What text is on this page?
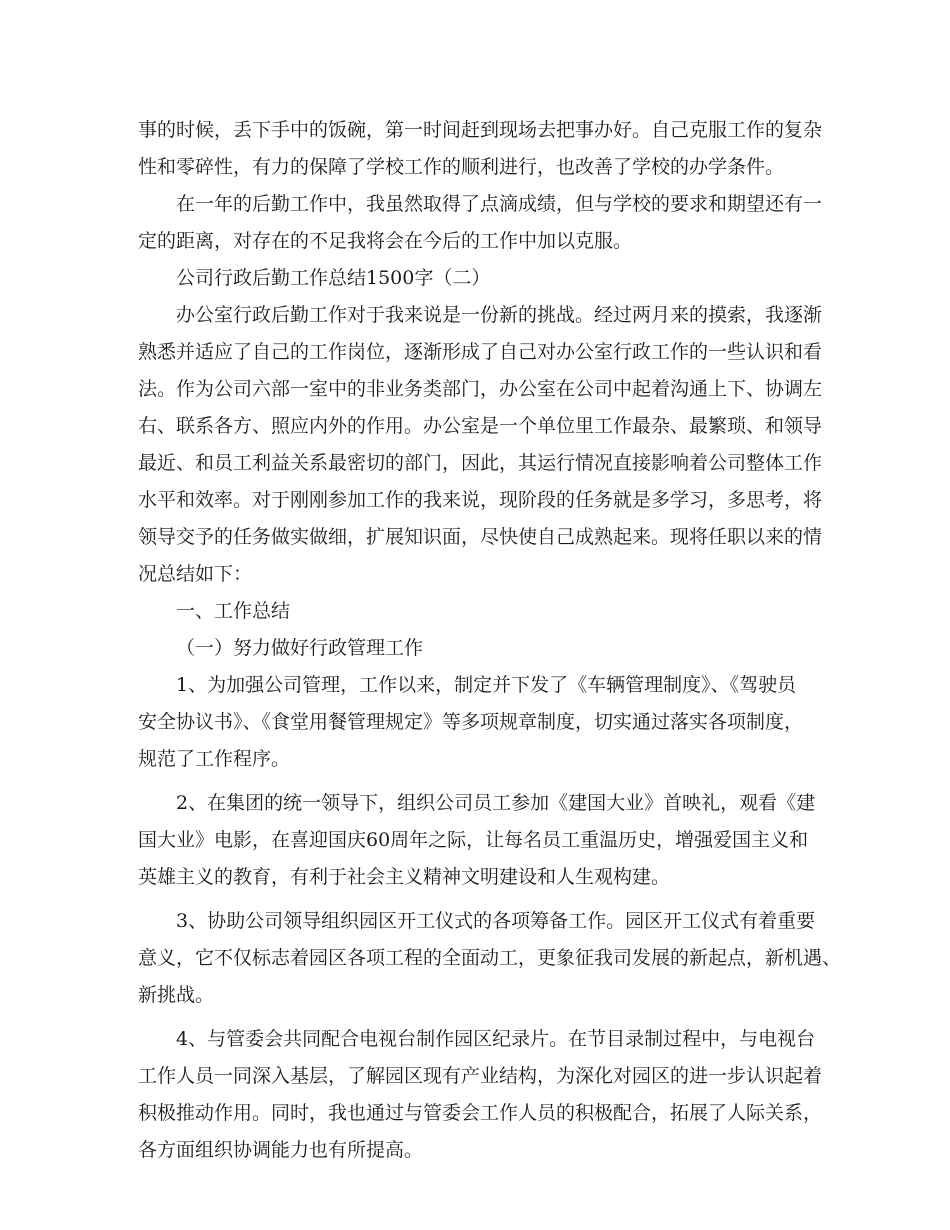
事的时候，丢下手中的饭碗，第一时间赶到现场去把事办好。自己克服工作的复杂
性和零碎性，有力的保障了学校工作的顺利进行，也改善了学校的办学条件。
在一年的后勤工作中，我虽然取得了点滴成绩，但与学校的要求和期望还有一
定的距离，对存在的不足我将会在今后的工作中加以克服。
公司行政后勤工作总结1500字（二）
办公室行政后勤工作对于我来说是一份新的挑战。经过两月来的摸索，我逐渐
熟悉并适应了自己的工作岗位，逐渐形成了自己对办公室行政工作的一些认识和看
法。作为公司六部一室中的非业务类部门，办公室在公司中起着沟通上下、协调左
右、联系各方、照应内外的作用。办公室是一个单位里工作最杂、最繁琐、和领导
最近、和员工利益关系最密切的部门，因此，其运行情况直接影响着公司整体工作
水平和效率。对于刚刚参加工作的我来说，现阶段的任务就是多学习，多思考，将
领导交予的任务做实做细，扩展知识面，尽快使自己成熟起来。现将任职以来的情
况总结如下：
一、工作总结
（一）努力做好行政管理工作
1、为加强公司管理，工作以来，制定并下发了《车辆管理制度》、《驾驶员
安全协议书》、《食堂用餐管理规定》等多项规章制度，切实通过落实各项制度，
规范了工作程序。
2、在集团的统一领导下，组织公司员工参加《建国大业》首映礼，观看《建
国大业》电影，在喜迎国庆60周年之际，让每名员工重温历史，增强爱国主义和
英雄主义的教育，有利于社会主义精神文明建设和人生观构建。
3、协助公司领导组织园区开工仪式的各项筹备工作。园区开工仪式有着重要
意义，它不仅标志着园区各项工程的全面动工，更象征我司发展的新起点，新机遇、
新挑战。
4、与管委会共同配合电视台制作园区纪录片。在节目录制过程中，与电视台
工作人员一同深入基层，了解园区现有产业结构，为深化对园区的进一步认识起着
积极推动作用。同时，我也通过与管委会工作人员的积极配合，拓展了人际关系，
各方面组织协调能力也有所提高。
